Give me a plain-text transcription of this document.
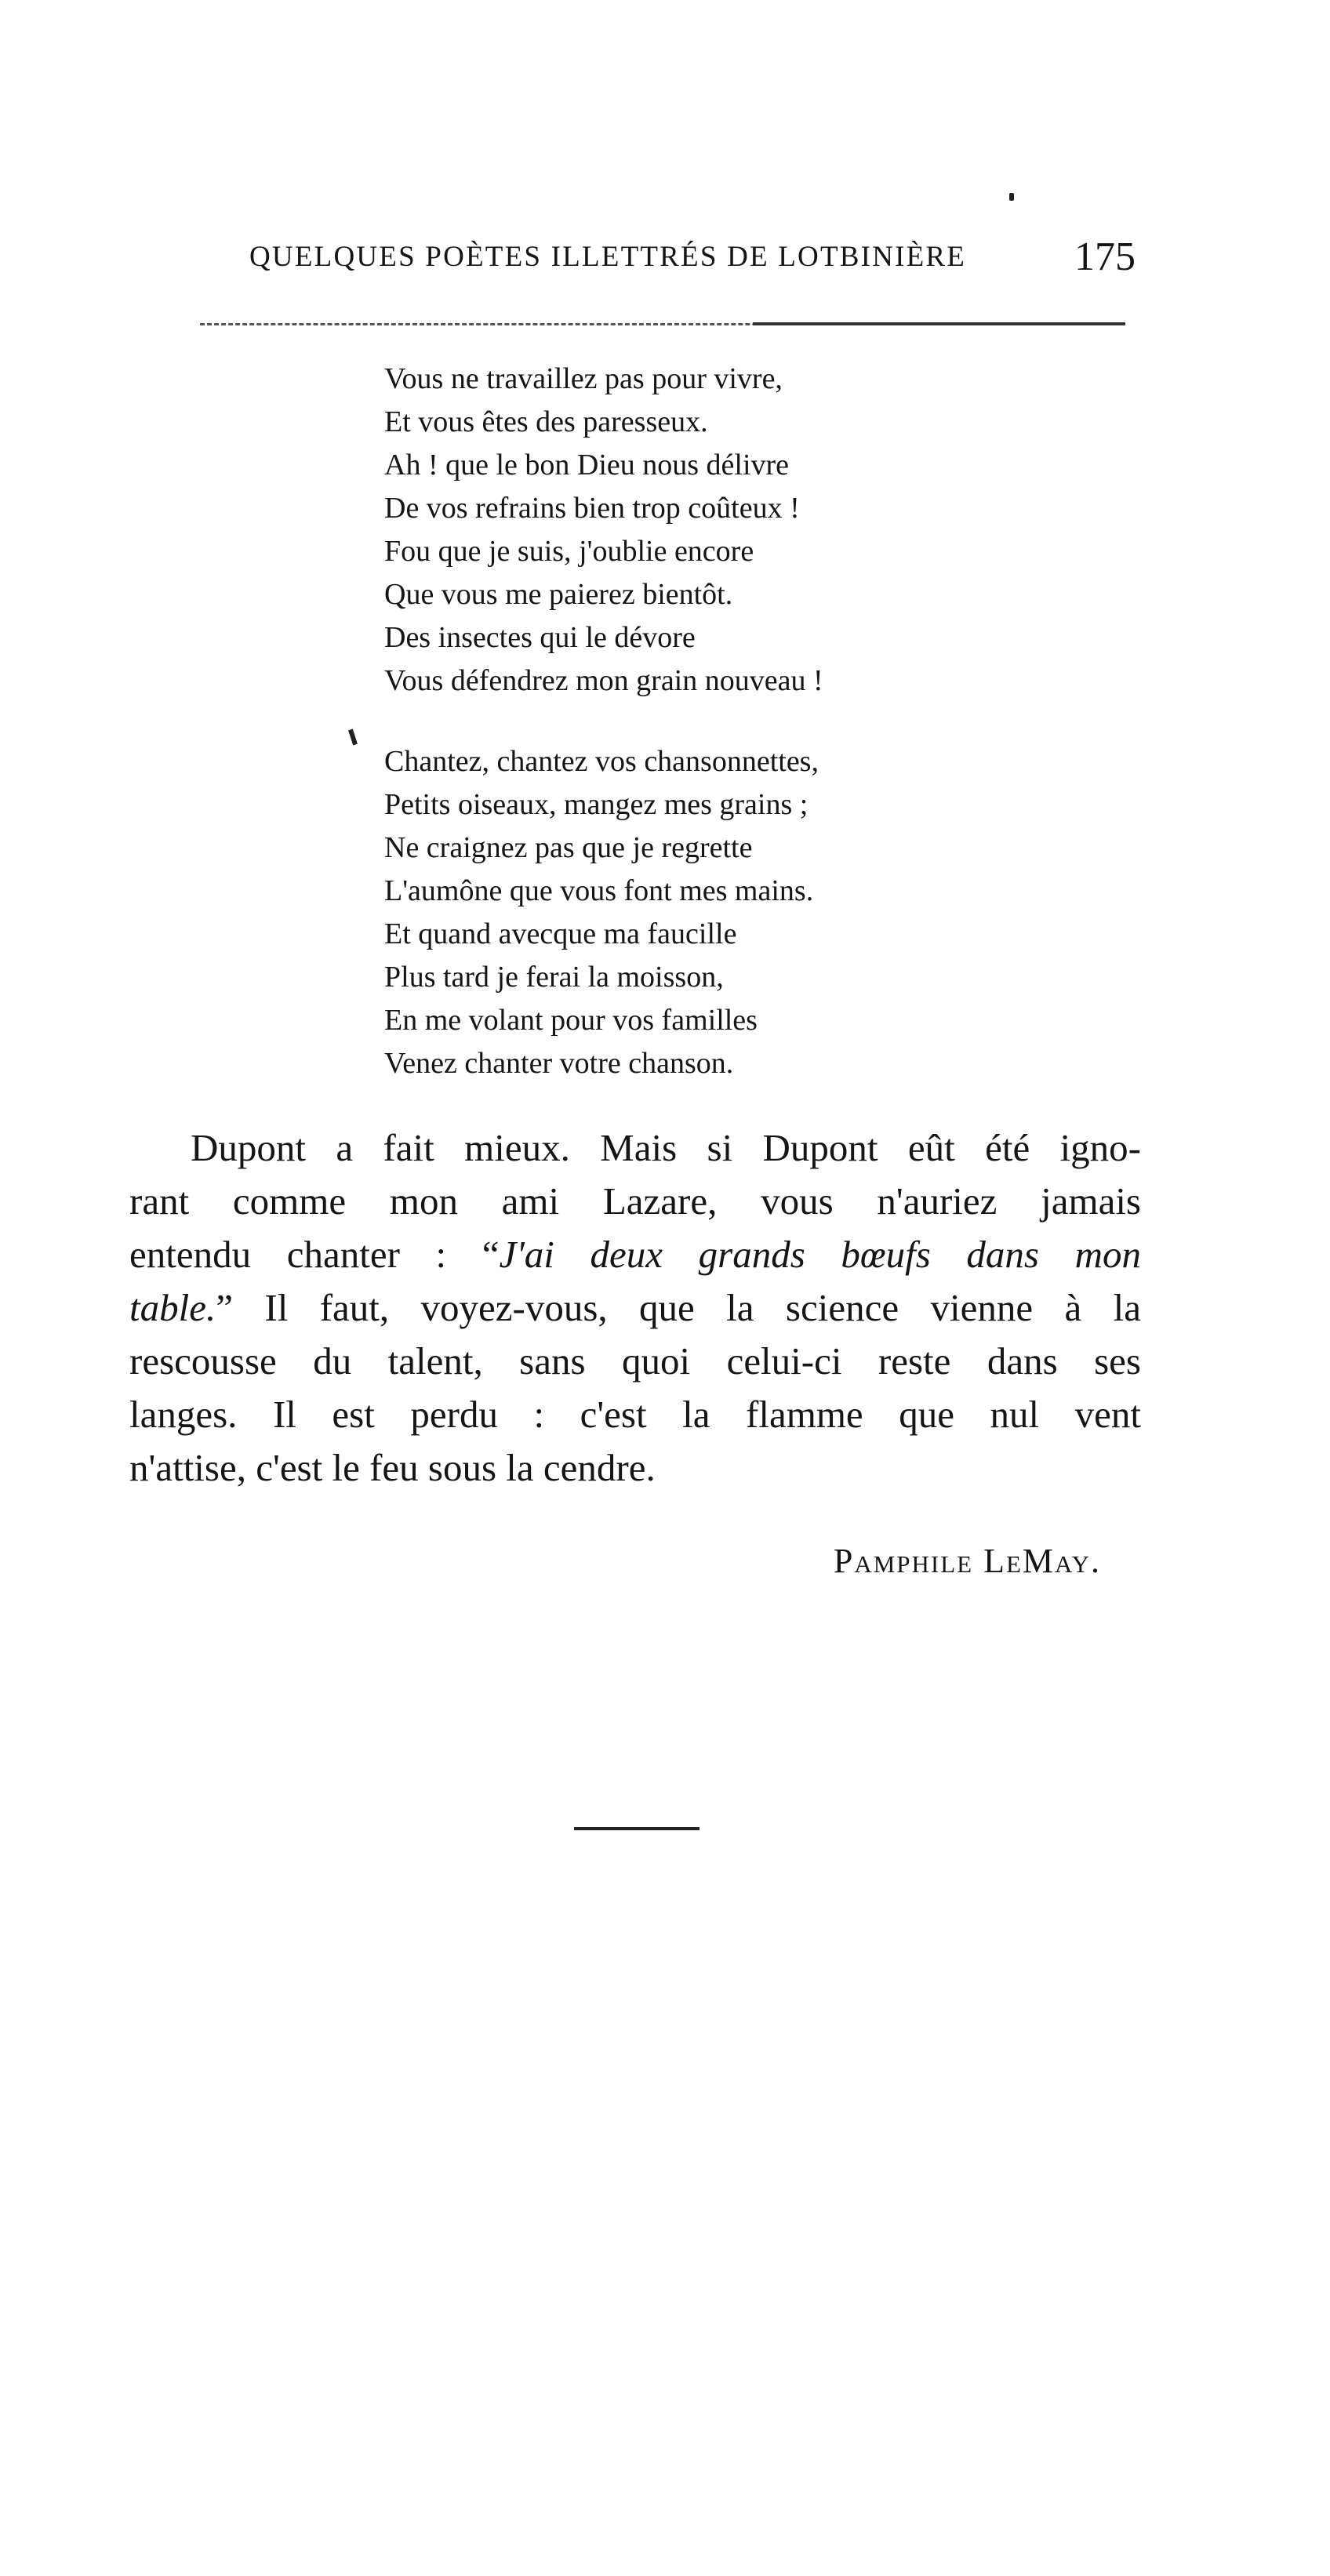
QUELQUES POÈTES ILLETTRÉS DE LOTBINIÈRE	175
Vous ne travaillez pas pour vivre,
Et vous êtes des paresseux.
Ah ! que le bon Dieu nous délivre
De vos refrains bien trop coûteux !
Fou que je suis, j'oublie encore
Que vous me paierez bientôt.
Des insectes qui le dévore
Vous défendrez mon grain nouveau !
Chantez, chantez vos chansonnettes,
Petits oiseaux, mangez mes grains ;
Ne craignez pas que je regrette
L'aumône que vous font mes mains.
Et quand avecque ma faucille
Plus tard je ferai la moisson,
En me volant pour vos familles
Venez chanter votre chanson.
Dupont a fait mieux. Mais si Dupont eût été igno-
rant comme mon ami Lazare, vous n'auriez jamais
entendu chanter : “J'ai deux grands bœufs dans mon
table.” Il faut, voyez-vous, que la science vienne à la
rescousse du talent, sans quoi celui-ci reste dans ses
langes. Il est perdu : c'est la flamme que nul vent
n'attise, c'est le feu sous la cendre.
Pamphile LeMay.
